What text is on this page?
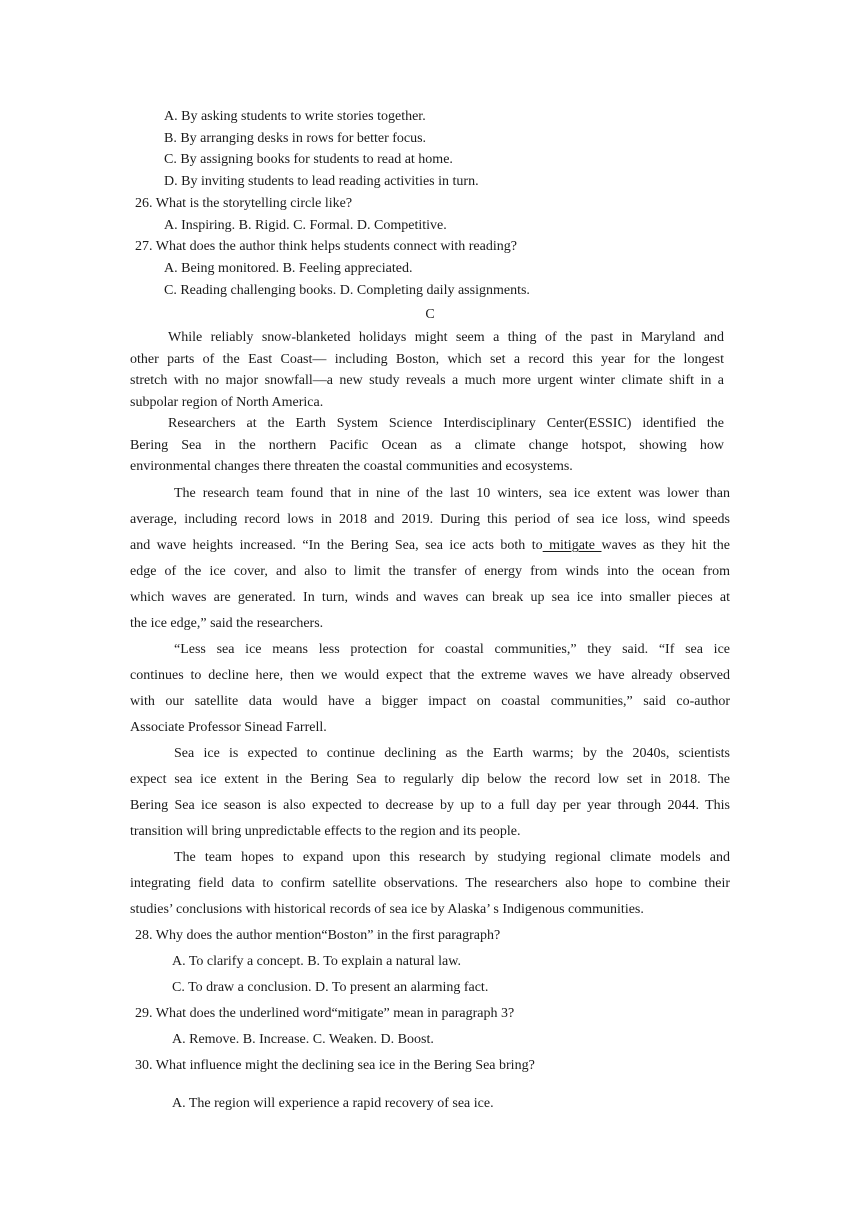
A. By asking students to write stories together.
B. By arranging desks in rows for better focus.
C. By assigning books for students to read at home.
D. By inviting students to lead reading activities in turn.
26. What is the storytelling circle like?
A. Inspiring. B. Rigid. C. Formal. D. Competitive.
27. What does the author think helps students connect with reading?
A. Being monitored. B. Feeling appreciated.
C. Reading challenging books. D. Completing daily assignments.
C
While reliably snow-blanketed holidays might seem a thing of the past in Maryland and
other parts of the East Coast— including Boston, which set a record this year for the longest
stretch with no major snowfall—a new study reveals a much more urgent winter climate shift in a
subpolar region of North America.
Researchers at the Earth System Science Interdisciplinary Center(ESSIC) identified the
Bering Sea in the northern Pacific Ocean as a climate change hotspot, showing how
environmental changes there threaten the coastal communities and ecosystems.
The research team found that in nine of the last 10 winters, sea ice extent was lower than
average, including record lows in 2018 and 2019. During this period of sea ice loss, wind speeds
and wave heights increased. “In the Bering Sea, sea ice acts both to mitigate waves as they hit the
edge of the ice cover, and also to limit the transfer of energy from winds into the ocean from
which waves are generated. In turn, winds and waves can break up sea ice into smaller pieces at
the ice edge,” said the researchers.
“Less sea ice means less protection for coastal communities,” they said. “If sea ice
continues to decline here, then we would expect that the extreme waves we have already observed
with our satellite data would have a bigger impact on coastal communities,” said co-author
Associate Professor Sinead Farrell.
Sea ice is expected to continue declining as the Earth warms; by the 2040s, scientists
expect sea ice extent in the Bering Sea to regularly dip below the record low set in 2018. The
Bering Sea ice season is also expected to decrease by up to a full day per year through 2044. This
transition will bring unpredictable effects to the region and its people.
The team hopes to expand upon this research by studying regional climate models and
integrating field data to confirm satellite observations. The researchers also hope to combine their
studies’ conclusions with historical records of sea ice by Alaska’ s Indigenous communities.
28. Why does the author mention“Boston” in the first paragraph?
A. To clarify a concept. B. To explain a natural law.
C. To draw a conclusion. D. To present an alarming fact.
29. What does the underlined word“mitigate” mean in paragraph 3?
A. Remove. B. Increase. C. Weaken. D. Boost.
30. What influence might the declining sea ice in the Bering Sea bring?
A. The region will experience a rapid recovery of sea ice.
